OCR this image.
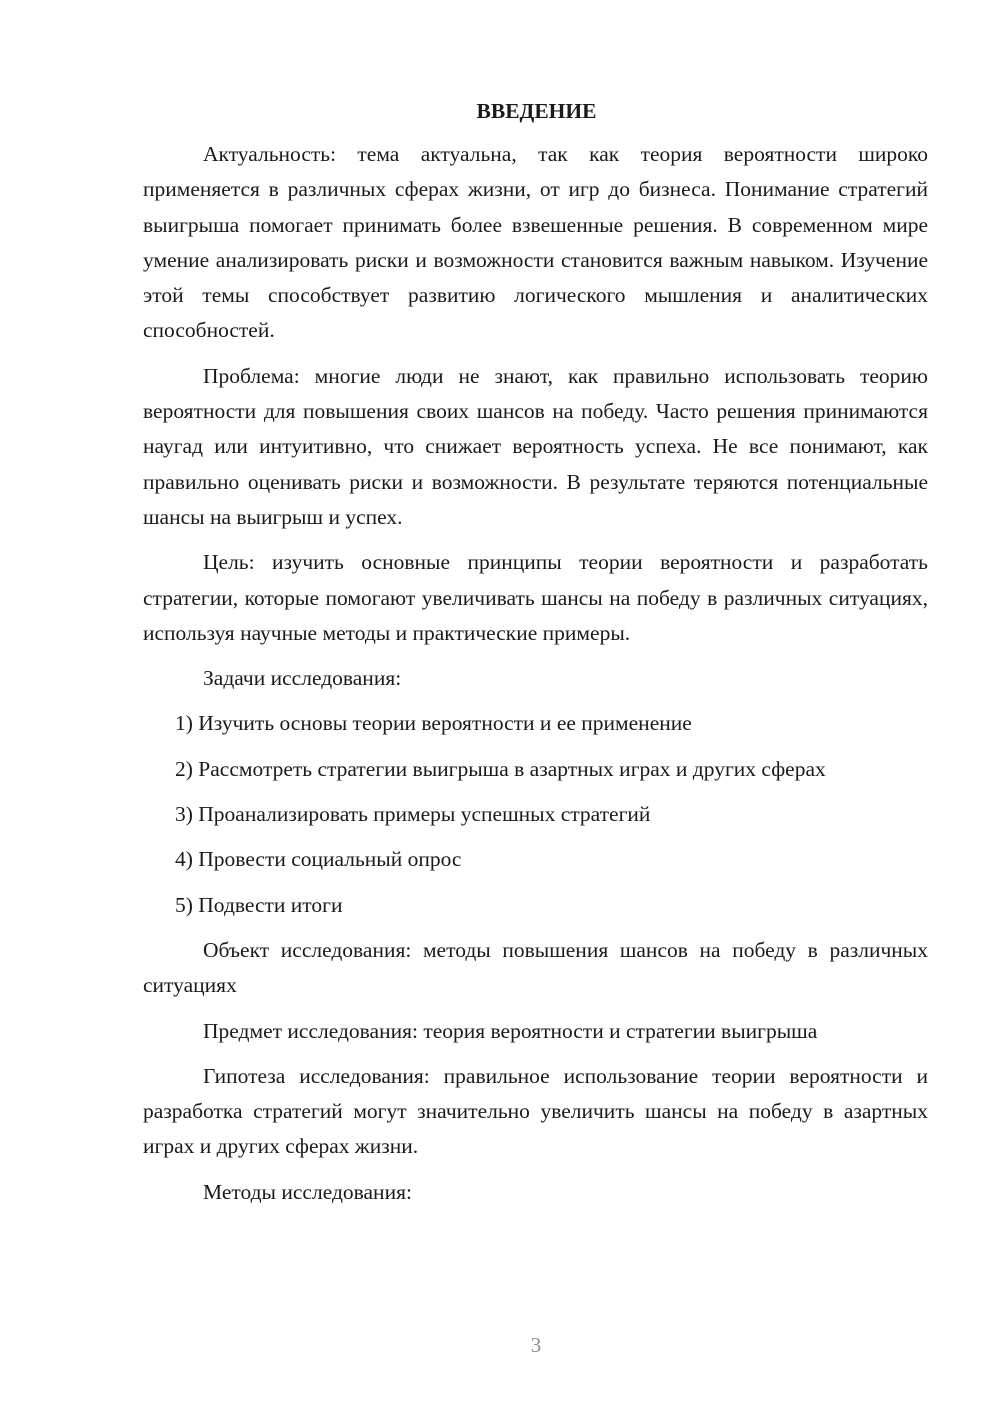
ВВЕДЕНИЕ

Актуальность: тема актуальна, так как теория вероятности широко применяется в различных сферах жизни, от игр до бизнеса. Понимание стратегий выигрыша помогает принимать более взвешенные решения. В современном мире умение анализировать риски и возможности становится важным навыком. Изучение этой темы способствует развитию логического мышления и аналитических способностей.

Проблема: многие люди не знают, как правильно использовать теорию вероятности для повышения своих шансов на победу. Часто решения принимаются наугад или интуитивно, что снижает вероятность успеха. Не все понимают, как правильно оценивать риски и возможности. В результате теряются потенциальные шансы на выигрыш и успех.

Цель: изучить основные принципы теории вероятности и разработать стратегии, которые помогают увеличивать шансы на победу в различных ситуациях, используя научные методы и практические примеры.

Задачи исследования:

1) Изучить основы теории вероятности и ее применение
2) Рассмотреть стратегии выигрыша в азартных играх и других сферах
3) Проанализировать примеры успешных стратегий
4) Провести социальный опрос
5) Подвести итоги

Объект исследования: методы повышения шансов на победу в различных ситуациях

Предмет исследования: теория вероятности и стратегии выигрыша

Гипотеза исследования: правильное использование теории вероятности и разработка стратегий могут значительно увеличить шансы на победу в азартных играх и других сферах жизни.

Методы исследования:

3
